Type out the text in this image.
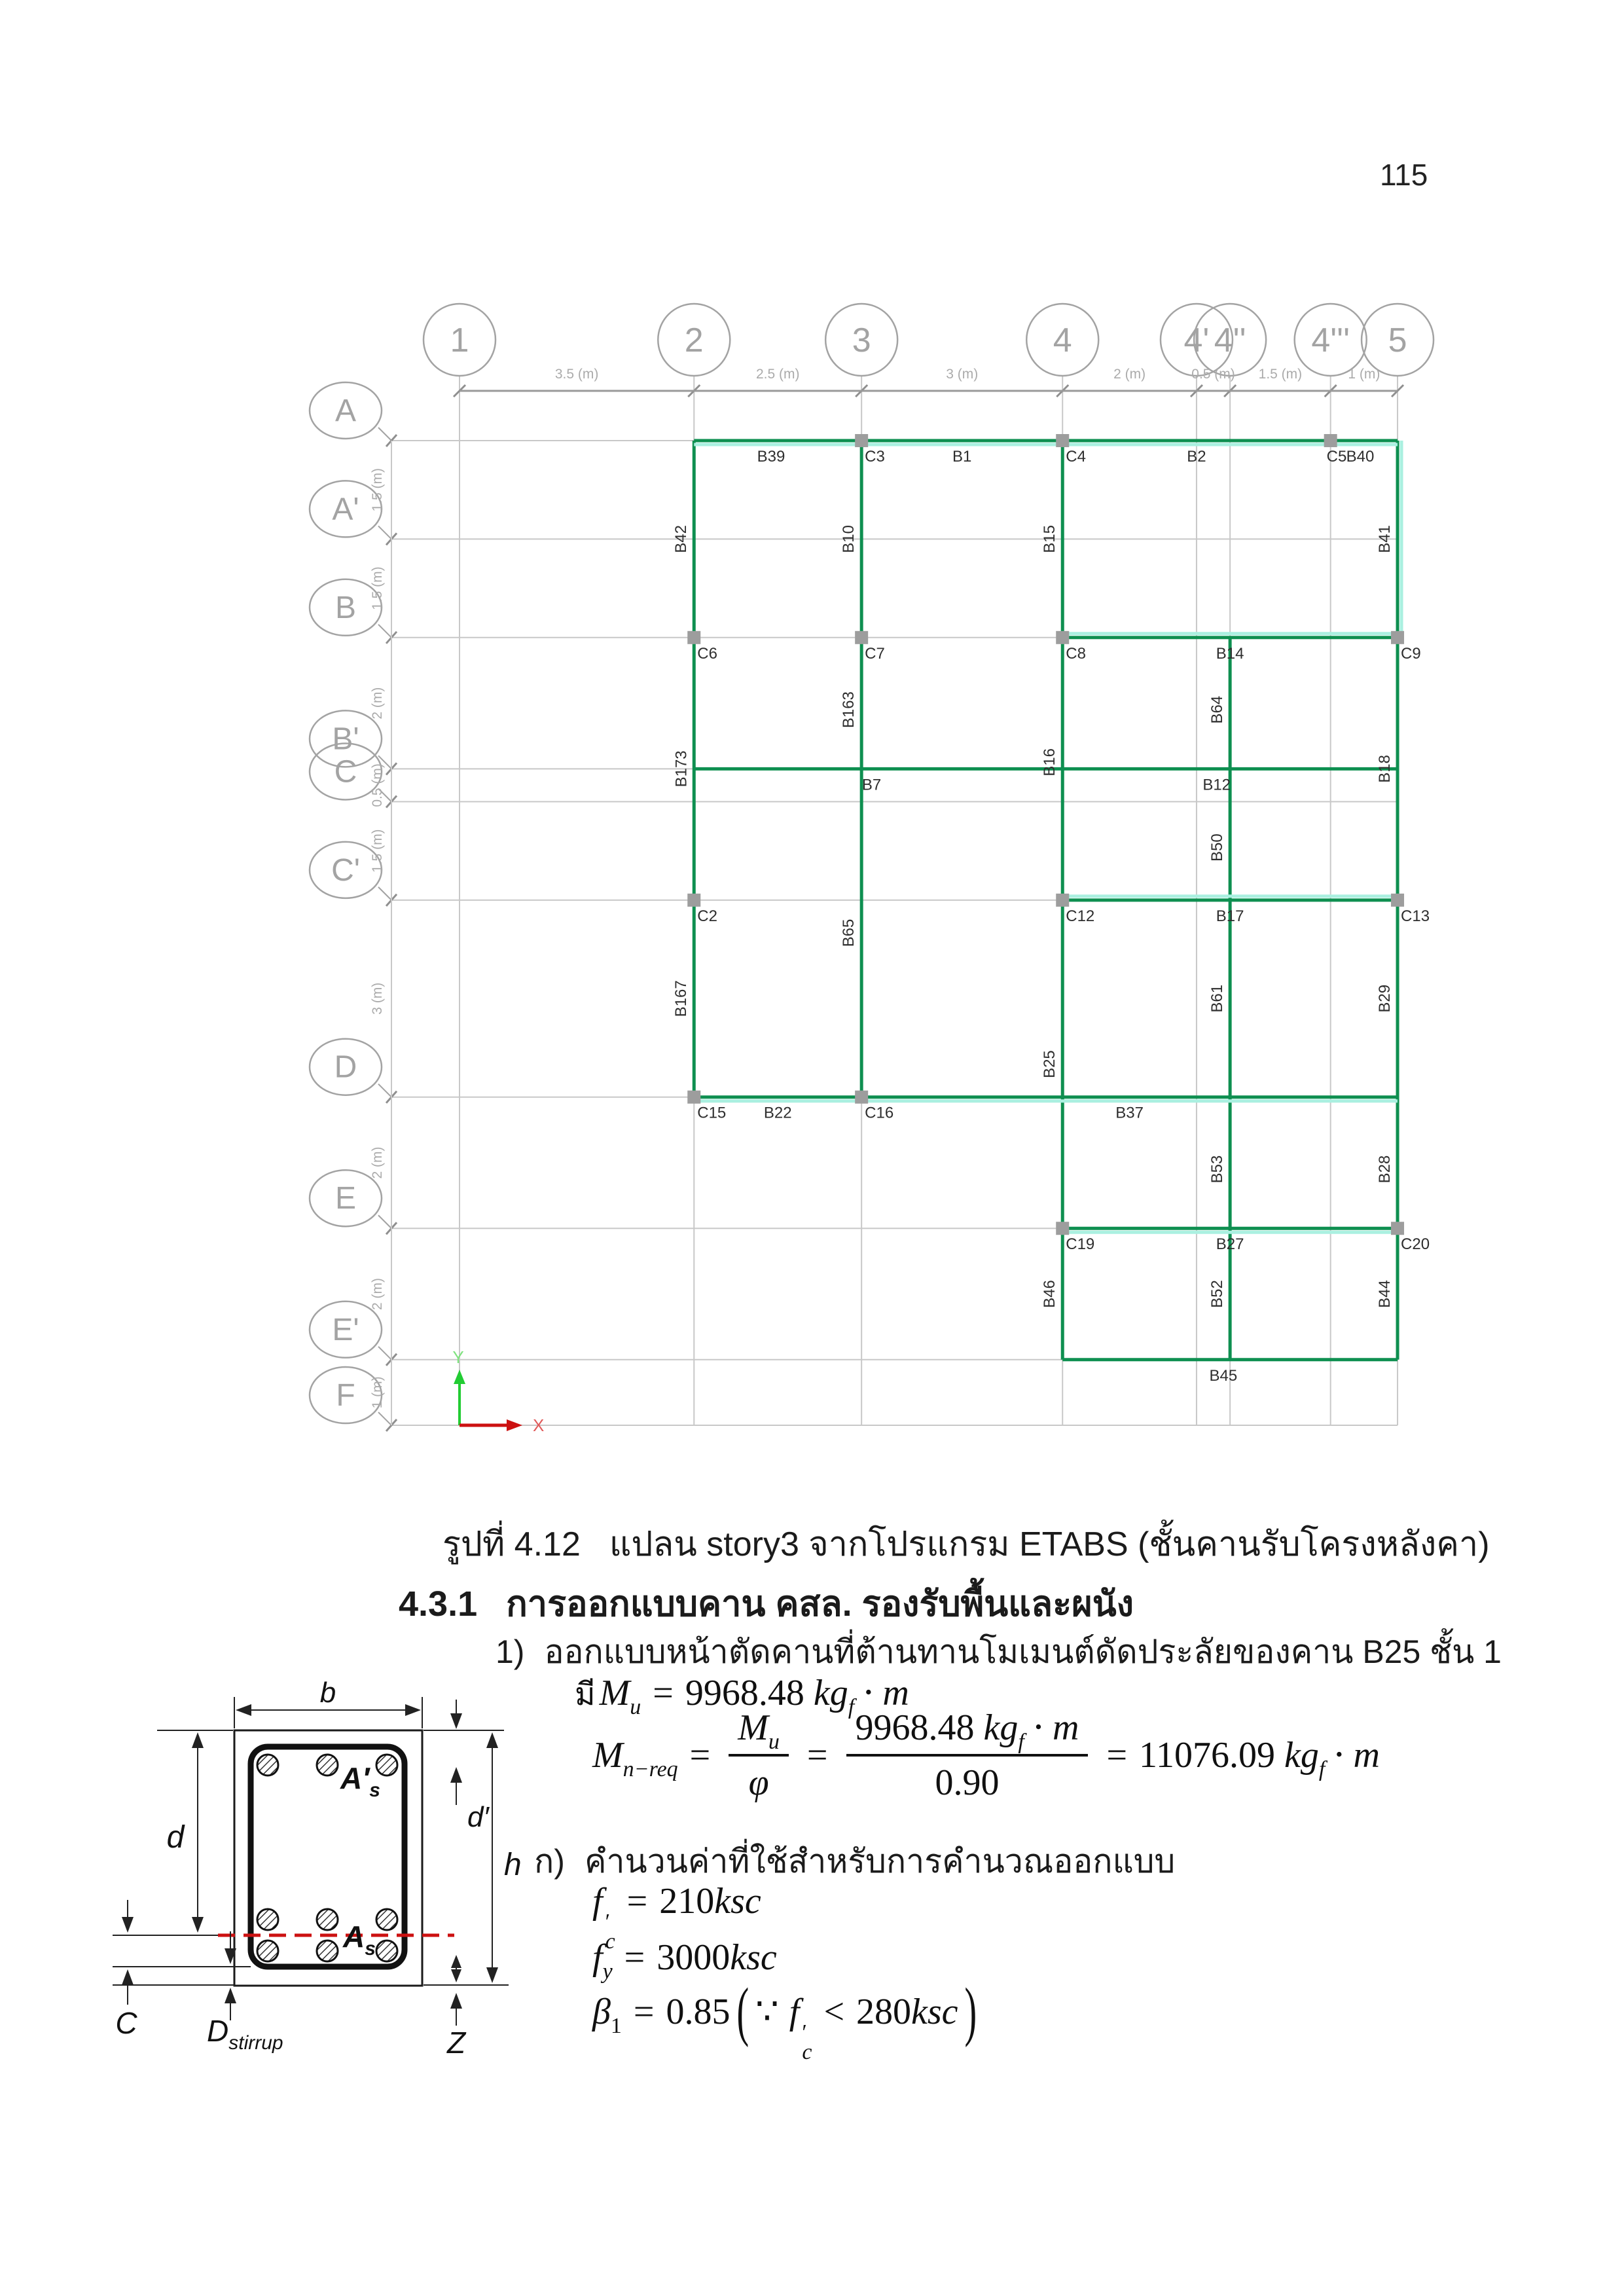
1	2	3	4	4' 4'' 4''' 5
A
A'
B
B'
C
C'
D
E
E'
F
3.5 (m)	2.5 (m)	3 (m)	2 (m)	0.5 (m) 1.5 (m)	1 (m)
1.5 (m)
1.5 (m)
2 (m)
0.5 (m)
1.5 (m)
3 (m)
2 (m)
2 (m)
1 (m)
B39	C3	B1	C4	B2	C5 B40
C6	C7	C8	B14	C9
B7	B12
C2	C12	B17	C13
C15 B22	C16	B37
C19	B27	C20
B45
B42	B10	B15	B41
B163	B64
B173	B16	B18
B50
B65
B167	B61	B29
B25
B53	B28
B46	B52	B44
Y
X
b
d
d′
h
C $D_{stirrup}$	Z
$A'_s$
$A_s$
115
รูปที่ 4.12 แปลน story3 จากโปรแกรม ETABS (ชั้นคานรับโครงหลังคา)
4.3.1 การออกแบบคาน คสล. รองรับพื้นและผนัง
1) ออกแบบหน้าตัดคานที่ต้านทานโมเมนต์ดัดประลัยของคาน B25 ชั้น 1
มี $M_u = 9968.48$ $kg_f \cdot m$
$M_{n-req} = \frac{M_u}{\varphi} = \frac{9968.48 kg_f \cdot m}{0.90} = 11076.09$ $kg_f \cdot m$
ก) คำนวนค่าที่ใช้สำหรับการคำนวณออกแบบ
f
′
c
= 210ksc
$f_y = 3000ksc$
$\beta_1 = 0.85$ ( ∵ f
′
c
< 280ksc )
